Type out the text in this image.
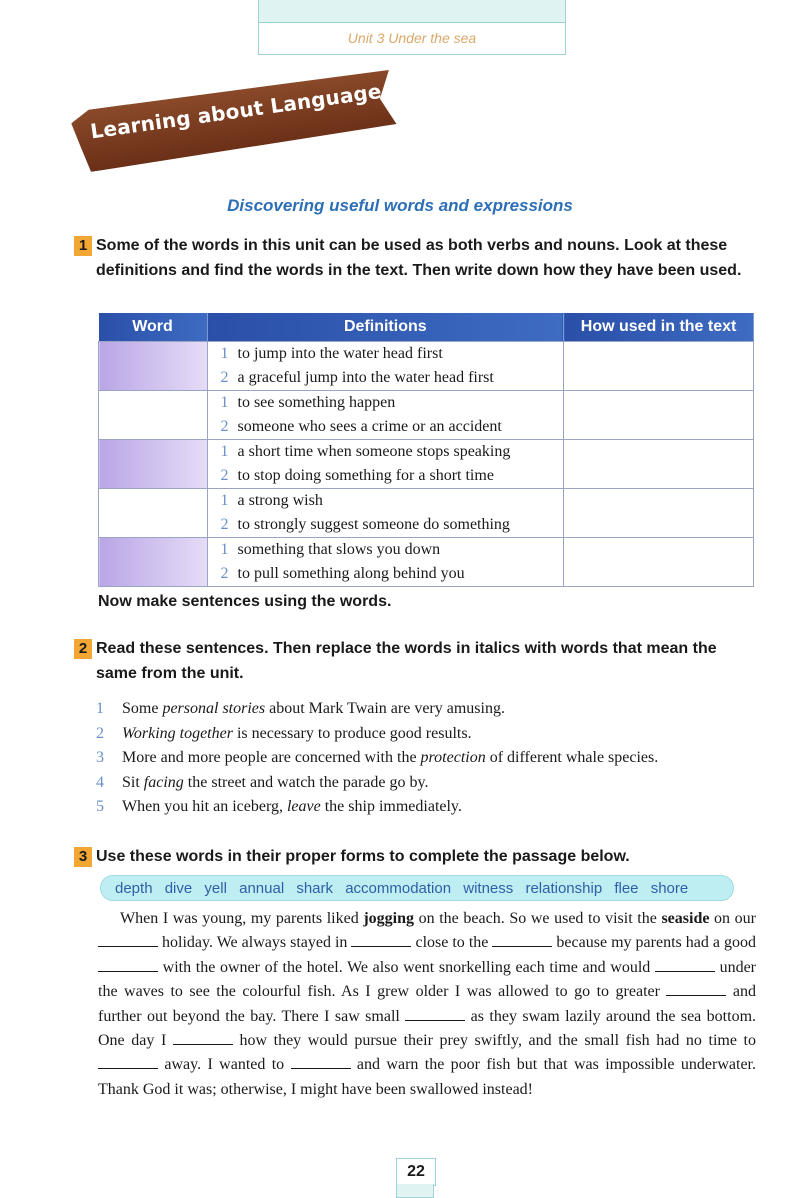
Unit 3 Under the sea
Learning about Language
Discovering useful words and expressions
1 Some of the words in this unit can be used as both verbs and nouns. Look at these definitions and find the words in the text. Then write down how they have been used.
Word	Definitions	How used in the text

	1 to jump into the water head first
2 a graceful jump into the water head first	

	1 to see something happen
2 someone who sees a crime or an accident	

	1 a short time when someone stops speaking
2 to stop doing something for a short time	

	1 a strong wish
2 to strongly suggest someone do something	

	1 something that slows you down
2 to pull something along behind you	

Now make sentences using the words.
2 Read these sentences. Then replace the words in italics with words that mean the same from the unit.
1 Some personal stories about Mark Twain are very amusing.
2 Working together is necessary to produce good results.
3 More and more people are concerned with the protection of different whale species.
4 Sit facing the street and watch the parade go by.
5 When you hit an iceberg, leave the ship immediately.
3 Use these words in their proper forms to complete the passage below.
depth dive yell annual shark accommodation witness relationship flee shore
When I was young, my parents liked jogging on the beach. So we used to visit the seaside on our  holiday. We always stayed in	close to the	because my parents had a good  with the owner of the hotel. We also went snorkelling each time and would	under the waves to see the colourful fish. As I grew older I was allowed to go to greater	and further out beyond the bay. There I saw small	as they swam lazily around the sea bottom. One day I	how they would pursue their prey swiftly, and the small fish had no time to  away. I wanted to	and warn the poor fish but that was impossible underwater. Thank God it was; otherwise, I might have been swallowed instead!
22
